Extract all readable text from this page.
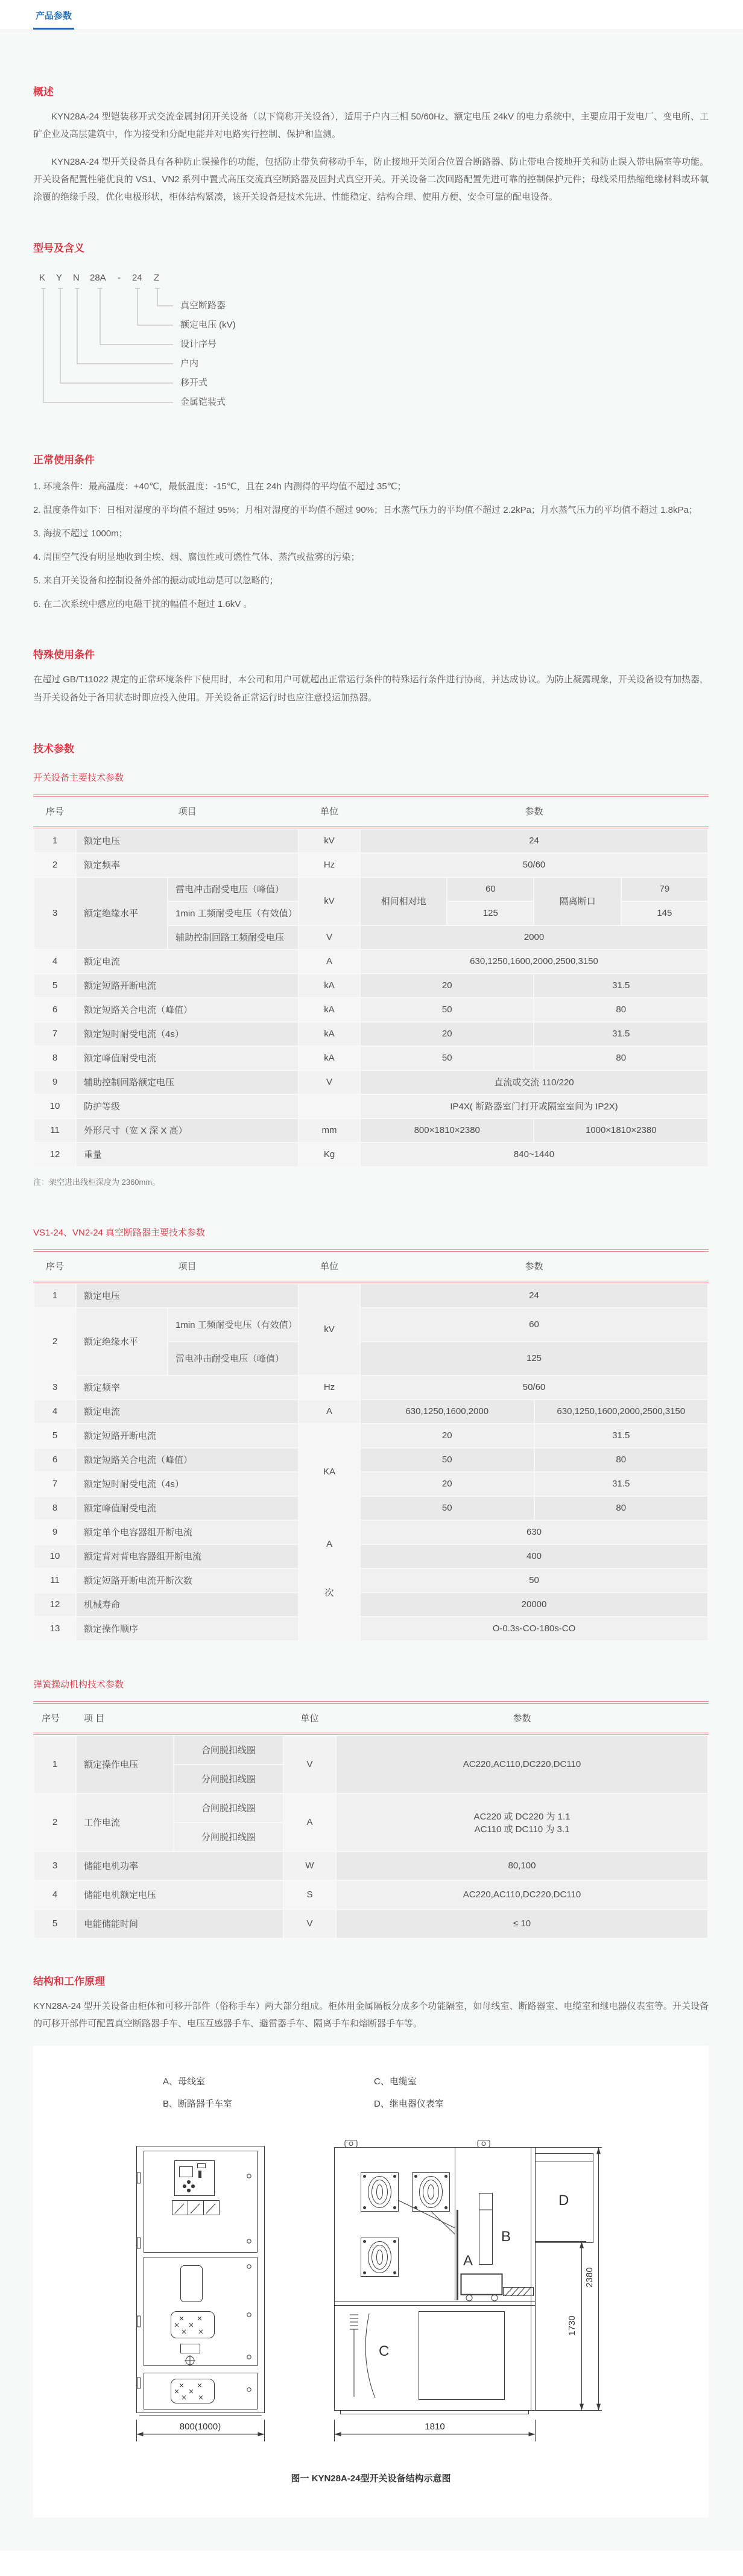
产品参数
概述

KYN28A-24 型铠装移开式交流金属封闭开关设备（以下简称开关设备），适用于户内三相 50/60Hz、额定电压 24kV 的电力系统中，主要应用于发电厂、变电所、工矿企业及高层建筑中，作为接受和分配电能并对电路实行控制、保护和监测。

KYN28A-24 型开关设备具有各种防止误操作的功能，包括防止带负荷移动手车，防止接地开关闭合位置合断路器、防止带电合接地开关和防止误入带电隔室等功能。开关设备配置性能优良的 VS1、VN2 系列中置式高压交流真空断路器及固封式真空开关。开关设备二次回路配置先进可靠的控制保护元件；母线采用热缩绝缘材料或环氧涂覆的绝缘手段，优化电极形状，柜体结构紧凑，该开关设备是技术先进、性能稳定、结构合理、使用方便、安全可靠的配电设备。

型号及含义
K Y N 28A - 24 Z
真空断路器
额定电压 (kV)
设计序号
户内
移开式
金属铠装式
正常使用条件

1. 环境条件：最高温度：+40℃，最低温度：-15℃，且在 24h 内测得的平均值不超过 35℃；

2. 温度条件如下：日相对湿度的平均值不超过 95%；月相对湿度的平均值不超过 90%；日水蒸气压力的平均值不超过 2.2kPa；月水蒸气压力的平均值不超过 1.8kPa；

3. 海拔不超过 1000m；

4. 周围空气没有明显地收到尘埃、烟、腐蚀性或可燃性气体、蒸汽或盐雾的污染；

5. 来自开关设备和控制设备外部的振动或地动是可以忽略的；

6. 在二次系统中感应的电磁干扰的幅值不超过 1.6kV 。

特殊使用条件

在超过 GB/T11022 规定的正常环境条件下使用时，本公司和用户可就超出正常运行条件的特殊运行条件进行协商，并达成协议。为防止凝露现象，开关设备设有加热器，当开关设备处于备用状态时即应投入使用。开关设备正常运行时也应注意投运加热器。

技术参数
开关设备主要技术参数
序号	项目	单位	参数
1	额定电压		kV	24			
2	额定频率		Hz	50/60			
3	额定绝缘水平	雷电冲击耐受电压（峰值）	kV	相间相对地	60	隔离断口	79
		1min 工频耐受电压（有效值）			125		145
		辅助控制回路工频耐受电压	V	2000			
4	额定电流		A	630,1250,1600,2000,2500,3150			
5	额定短路开断电流		kA	20		31.5	
6	额定短路关合电流（峰值）		kA	50		80	
7	额定短时耐受电流（4s）		kA	20		31.5	
8	额定峰值耐受电流		kA	50		80	
9	辅助控制回路额定电压		V	直流或交流 110/220			
10	防护等级			IP4X( 断路器室门打开或隔室室间为 IP2X)			
11	外形尺寸（宽 X 深 X 高）		mm	800×1810×2380		1000×1810×2380	
12	重量		Kg	840~1440			

注：架空进出线柜深度为 2360mm。

VS1-24、VN2-24 真空断路器主要技术参数
序号	项目	单位	参数
1	额定电压		kV	24	
2	额定绝缘水平	1min 工频耐受电压（有效值）		60	
		雷电冲击耐受电压（峰值）		125	
3	额定频率		Hz	50/60	
4	额定电流		A	630,1250,1600,2000	630,1250,1600,2000,2500,3150
5	额定短路开断电流		KA	20	31.5
6	额定短路关合电流（峰值）			50	80
7	额定短时耐受电流（4s）			20	31.5
8	额定峰值耐受电流			50	80
9	额定单个电容器组开断电流		A	630	
10	额定背对背电容器组开断电流			400	
11	额定短路开断电流开断次数		次	50	
12	机械寿命			20000	
13	额定操作顺序			O-0.3s-CO-180s-CO	
弹簧操动机构技术参数
序号	项 目	单位	参数
1	额定操作电压	合闸脱扣线圈	V	AC220,AC110,DC220,DC110
		分闸脱扣线圈		
2	工作电流	合闸脱扣线圈	A	AC220 或 DC220 为 1.1
AC110 或 DC110 为 3.1

		分闸脱扣线圈		
3	储能电机功率		W	80,100
4	储能电机额定电压		S	AC220,AC110,DC220,DC110
5	电能储能时间		V	≤ 10
结构和工作原理

KYN28A-24 型开关设备由柜体和可移开部件（俗称手车）两大部分组成。柜体用金属隔板分成多个功能隔室，如母线室、断路器室、电缆室和继电器仪表室等。开关设备的可移开部件可配置真空断路器手车、电压互感器手车、避雷器手车、隔离手车和熔断器手车等。

A、母线室	C、电缆室
B、断路器手车室	D、继电器仪表室
800(1000)
A
B
C
D
1730
2380
1810
图一 KYN28A-24型开关设备结构示意图
